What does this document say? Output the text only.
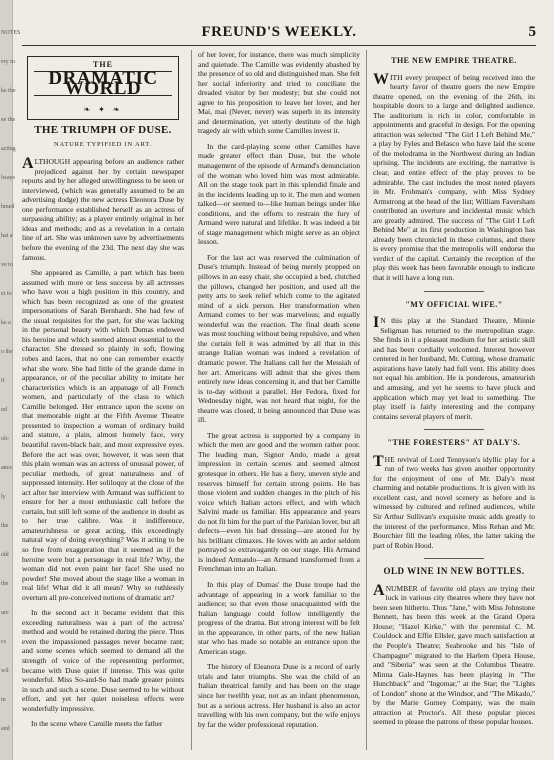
NOTES
ery in
ke the
ee the
acting
lways
hmed
hat a
ve to
et to
ke a
o the
if
nd
olt-
ance
ly
the
old
the
ure
cs
wil
in
and
FREUND'S WEEKLY.	5
THE
DRAMATIC WORLD
❧ ✦ ❧
THE TRIUMPH OF DUSE.
NATURE TYPIFIED IN ART.

ALTHOUGH appearing before an audience rather prejudiced against her by certain newspaper reports and by her alleged unwillingness to be seen or interviewed, (which was generally assumed to be an advertising dodge) the new actress Eleonora Duse by one performance established herself as an actress of surpassing ability; as a player entirely original in her ideas and methods; and as a revelation in a certain line of art. She was unknown save by advertisements before the evening of the 23d. The next day she was famous.

She appeared as Camille, a part which has been assumed with more or less success by all actresses who have won a high position in this country, and which has been recognized as one of the greatest impersonations of Sarah Bernhardt. She had few of the usual requisites for the part, for she was lacking in the personal beauty with which Dumas endowed his heroine and which seemed almost essential to the character. She dressed so plainly in soft, flowing robes and laces, that no one can remember exactly what she wore. She had little of the grande dame in appearance, or of the peculiar ability to imitate her characteristics which is an appanage of all French women, and particularly of the class to which Camille belonged. Her entrance upon the scene on that memorable night at the Fifth Avenue Theatre presented to inspection a woman of ordinary build and stature, a plain, almost homely face, very beautiful raven-black hair, and most expressive eyes. Before the act was over, however, it was seen that this plain woman was an actress of unusual power, of peculiar methods, of great naturalness and of suppressed intensity. Her soliloquy at the close of the act after her interview with Armand was sufficient to ensure for her a most enthusiastic call before the curtain, but still left some of the audience in doubt as to her true calibre. Was it indifference, amateurishness or great acting, this exceedingly natural way of doing everything? Was it acting to be so free from exaggeration that it seemed as if the heroine were but a personage in real life? Why, the woman did not even paint her face! She used no powder! She moved about the stage like a woman in real life! What did it all mean? Why so ruthlessly overturn all pre-conceived notions of dramatic art?

In the second act it became evident that this exceeding naturalness was a part of the actress' method and would be retained during the piece. Thus even the impassioned passages never became rant; and some scenes which seemed to demand all the strength of voice of the representing performer, became with Duse quiet if intense. This was quite wonderful. Miss So-and-So had made greater points in such and such a scene. Duse seemed to be without effort, and yet her quiet noiseless effects were wonderfully impressive.

In the scene where Camille meets the father

of her lover, for instance, there was much simplicity and quietude. The Camille was evidently abashed by the presence of so old and distinguished man. She felt her social inferiority and tried to conciliate the dreaded visitor by her modesty; but she could not agree to his proposition to leave her lover, and her Mai, mai (Never, never) was superb in its intensity and determination, yet utterly destitute of the high tragedy air with which some Camilles invest it.

In the card-playing scene other Camilles have made greater effect than Duse, but the whole management of the episode of Armand's denunciation of the woman who loved him was most admirable. All on the stage took part in this splendid finale and in the incidents leading up to it. The men and women talked—or seemed to—like human beings under like conditions, and the efforts to restrain the fury of Armand were natural and lifelike. It was indeed a bit of stage management which might serve as an object lesson.

For the last act was reserved the culmination of Duse's triumph. Instead of being merely propped on pillows in an easy chair, she occupied a bed, clutched the pillows, changed her position, and used all the petty arts to seek relief which come to the agitated mind of a sick person. Her transformation when Armand comes to her was marvelous; and equally wonderful was the reaction. The final death scene was most touching without being repulsive, and when the curtain fell it was admitted by all that in this strange Italian woman was indeed a revelation of dramatic power. The Italians call her the Messiah of her art. Americans will admit that she gives them entirely new ideas concerning it, and that her Camille is to-day without a parallel. Her Fedora, fixed for Wednesday night, was not heard that night, for the theatre was closed, it being announced that Duse was ill.

The great actress is supported by a company in which the men are good and the women rather poor. The leading man, Signor Ando, made a great impression in certain scenes and seemed almost grotesque in others. He has a fiery, uneven style and reserves himself for certain strong points. He has those violent and sudden changes in the pitch of his voice which Italian actors effect, and with which Salvini made us familiar. His appearance and years do not fit him for the part of the Parisian lover, but all defects—even his bad dressing—are atoned for by his brilliant climaxes. He loves with an ardor seldom portrayed so extravagantly on our stage. His Armand is indeed Armando—an Armand transformed from a Frenchman into an Italian.

In this play of Dumas' the Duse troupe had the advantage of appearing in a work familiar to the audience; so that even those unacquainted with the Italian language could follow intelligently the progress of the drama. But strong interest will be felt in the appearance, in other parts, of the new Italian star who has made so notable an entrance upon the American stage.

The history of Eleanora Duse is a record of early trials and later triumphs. She was the child of an Italian theatrical family and has been on the stage since her twelfth year, not as an infant phenomenon, but as a serious actress. Her husband is also an actor travelling with his own company, but the wife enjoys by far the wider professional reputation.

THE NEW EMPIRE THEATRE.

WITH every prospect of being received into the hearty favor of theatre goers the new Empire theatre opened, on the evening of the 26th, its hospitable doors to a large and delighted audience. The auditorium is rich in color, comfortable in appointments and graceful in design. For the opening attraction was selected "The Girl I Left Behind Me," a play by Fyles and Belasco who have laid the scene of the melodrama in the Northwest during an Indian uprising. The incidents are exciting, the narrative is clear, and entire effect of the play proves to be admirable. The cast includes the most noted players in Mr. Frohman's company, with Miss Sydney Armstrong at the head of the list; William Faversham contributed an overture and incidental music which are greatly admired. The success of "The Girl I Left Behind Me" at its first production in Washington has already been chronicled in these columns, and there is every promise that the metropolis will endorse the verdict of the capital. Certainly the reception of the play this week has been favorable enough to indicate that it will have a long run.

"MY OFFICIAL WIFE."

I N this play at the Standard Theatre, Minnie Seligman has returned to the metropolitan stage. She finds in it a pleasant medium for her artistic skill and has been cordially welcomed. Interest however centered in her husband, Mr. Cutting, whose dramatic aspirations have lately had full vent. His ability does not equal his ambition. He is ponderous, amateurish and amusing, and yet he seems to have pluck and application which may yet lead to something. The play itself is fairly interesting and the company contains several players of merit.

"THE FORESTERS" AT DALY'S.

THE revival of Lord Tennyson's idyllic play for a run of two weeks has given another opportunity for the enjoyment of one of Mr. Daly's most charming and notable productions. It is given with its excellent cast, and novel scenery as before and is witnessed by cultured and refined audiences, while Sir Arthur Sullivan's exquisite music adds greatly to the interest of the performance. Miss Rehan and Mr. Bourchier fill the leading rôles, the latter taking the part of Robin Hood.

OLD WINE IN NEW BOTTLES.

ANUMBER of favorite old plays are trying their luck in various city theatres where they have not been seen hitherto. Thus "Jane," with Miss Johnstone Bennett, has been this week at the Grand Opera House; "Hazel Kirke," with the perennial C. M. Couldock and Effie Ellsler, gave much satisfaction at the People's Theatre; Seabrooke and his "Isle of Champagne" migrated to the Harlem Opera House, and "Siberia" was seen at the Columbus Theatre. Minna Gale-Haynes has been playing in "The Hunchback" and "Ingomar," at the Star; the "Lights of London" shone at the Windsor, and "The Mikado," by the Marie Gurney Company, was the main attraction at Proctor's. All these popular pieces seemed to please the patrons of these popular houses.
